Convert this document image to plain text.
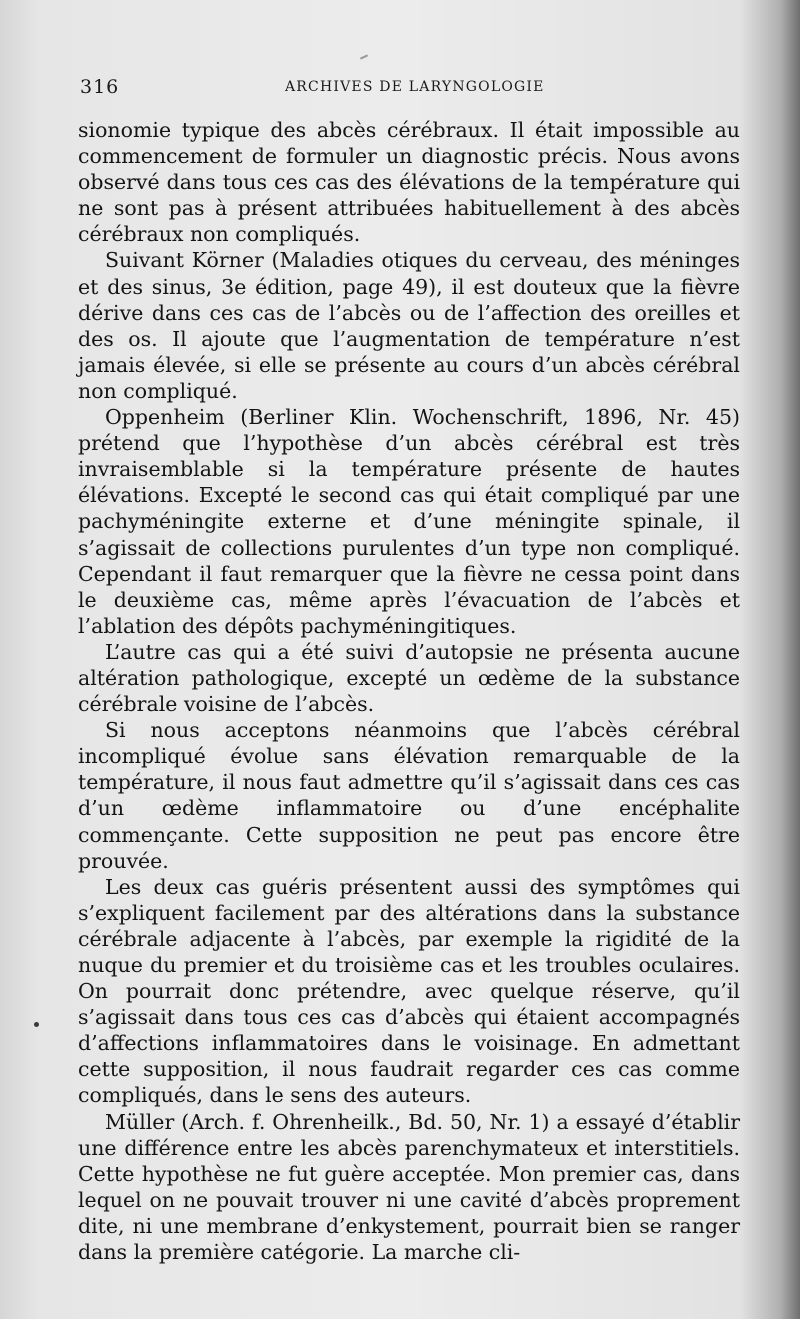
316	ARCHIVES DE LARYNGOLOGIE

sionomie typique des abcès cérébraux. Il était impossible au commencement de formuler un diagnostic précis. Nous avons observé dans tous ces cas des élévations de la température qui ne sont pas à présent attribuées habituellement à des abcès cérébraux non compliqués.

Suivant Körner (Maladies otiques du cerveau, des méninges et des sinus, 3e édition, page 49), il est douteux que la fièvre dérive dans ces cas de l’abcès ou de l’affection des oreilles et des os. Il ajoute que l’augmentation de température n’est jamais élevée, si elle se présente au cours d’un abcès cérébral non compliqué.

Oppenheim (Berliner Klin. Wochenschrift, 1896, Nr. 45) prétend que l’hypothèse d’un abcès cérébral est très invraisemblable si la température présente de hautes élévations. Excepté le second cas qui était compliqué par une pachyméningite externe et d’une méningite spinale, il s’agissait de collections purulentes d’un type non compliqué. Cependant il faut remarquer que la fièvre ne cessa point dans le deuxième cas, même après l’évacuation de l’abcès et l’ablation des dépôts pachyméningitiques.

L’autre cas qui a été suivi d’autopsie ne présenta aucune altération pathologique, excepté un œdème de la substance cérébrale voisine de l’abcès.

Si nous acceptons néanmoins que l’abcès cérébral incompliqué évolue sans élévation remarquable de la température, il nous faut admettre qu’il s’agissait dans ces cas d’un œdème inflammatoire ou d’une encéphalite commençante. Cette supposition ne peut pas encore être prouvée.

Les deux cas guéris présentent aussi des symptômes qui s’expliquent facilement par des altérations dans la substance cérébrale adjacente à l’abcès, par exemple la rigidité de la nuque du premier et du troisième cas et les troubles oculaires. On pourrait donc prétendre, avec quelque réserve, qu’il s’agissait dans tous ces cas d’abcès qui étaient accompagnés d’affections inflammatoires dans le voisinage. En admettant cette supposition, il nous faudrait regarder ces cas comme compliqués, dans le sens des auteurs.

Müller (Arch. f. Ohrenheilk., Bd. 50, Nr. 1) a essayé d’établir une différence entre les abcès parenchymateux et interstitiels. Cette hypothèse ne fut guère acceptée. Mon premier cas, dans lequel on ne pouvait trouver ni une cavité d’abcès proprement dite, ni une membrane d’enkystement, pourrait bien se ranger dans la première catégorie. La marche cli-
